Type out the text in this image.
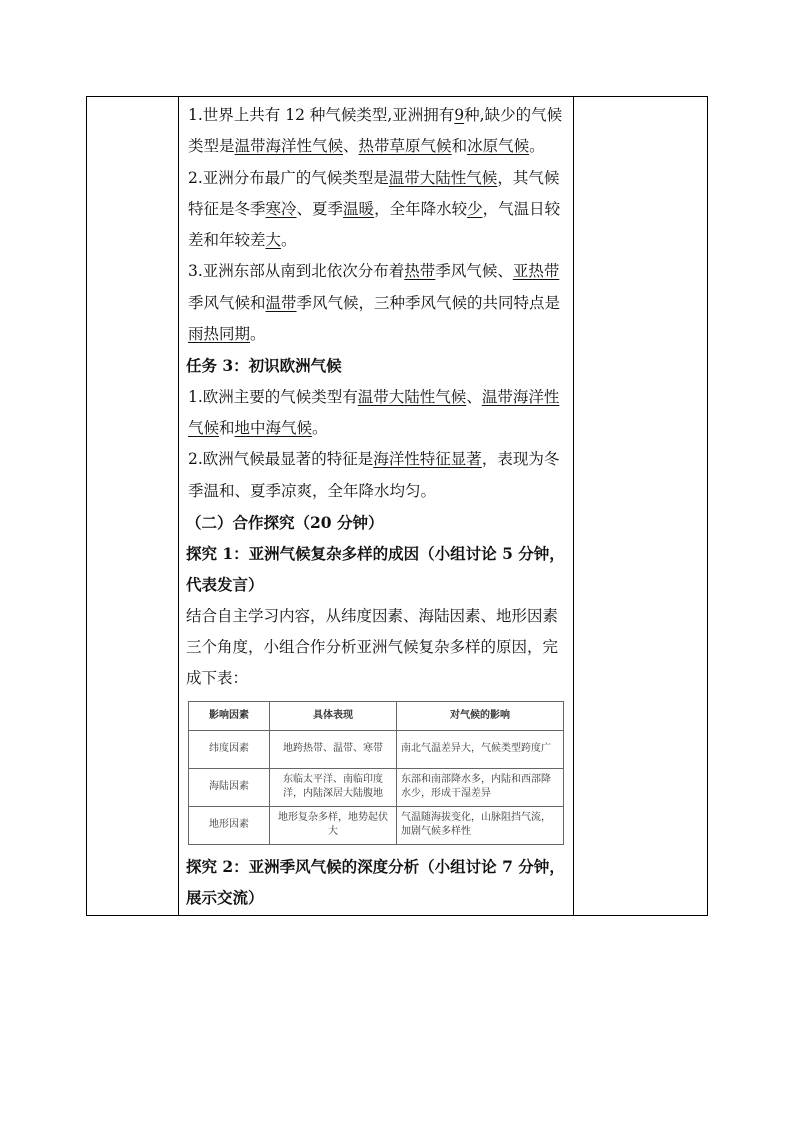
1.世界上共有 12 种气候类型,亚洲拥有9种,缺少的气候类型是温带海洋性气候、热带草原气候和冰原气候。

2.亚洲分布最广的气候类型是温带大陆性气候，其气候特征是冬季寒冷、夏季温暖，全年降水较少，气温日较差和年较差大。

3.亚洲东部从南到北依次分布着热带季风气候、亚热带季风气候和温带季风气候，三种季风气候的共同特点是雨热同期。

任务 3：初识欧洲气候

1.欧洲主要的气候类型有温带大陆性气候、温带海洋性气候和地中海气候。

2.欧洲气候最显著的特征是海洋性特征显著，表现为冬季温和、夏季凉爽，全年降水均匀。

（二）合作探究（20 分钟）

探究 1：亚洲气候复杂多样的成因（小组讨论 5 分钟，代表发言）

结合自主学习内容，从纬度因素、海陆因素、地形因素三个角度，小组合作分析亚洲气候复杂多样的原因，完成下表：

影响因素	具体表现	对气候的影响
纬度因素	地跨热带、温带、寒带	南北气温差异大，气候类型跨度广
海陆因素	东临太平洋、南临印度洋，内陆深居大陆腹地	东部和南部降水多，内陆和西部降水少，形成干湿差异
地形因素	地形复杂多样，地势起伏大	气温随海拔变化，山脉阻挡气流，加剧气候多样性

探究 2：亚洲季风气候的深度分析（小组讨论 7 分钟，展示交流）
